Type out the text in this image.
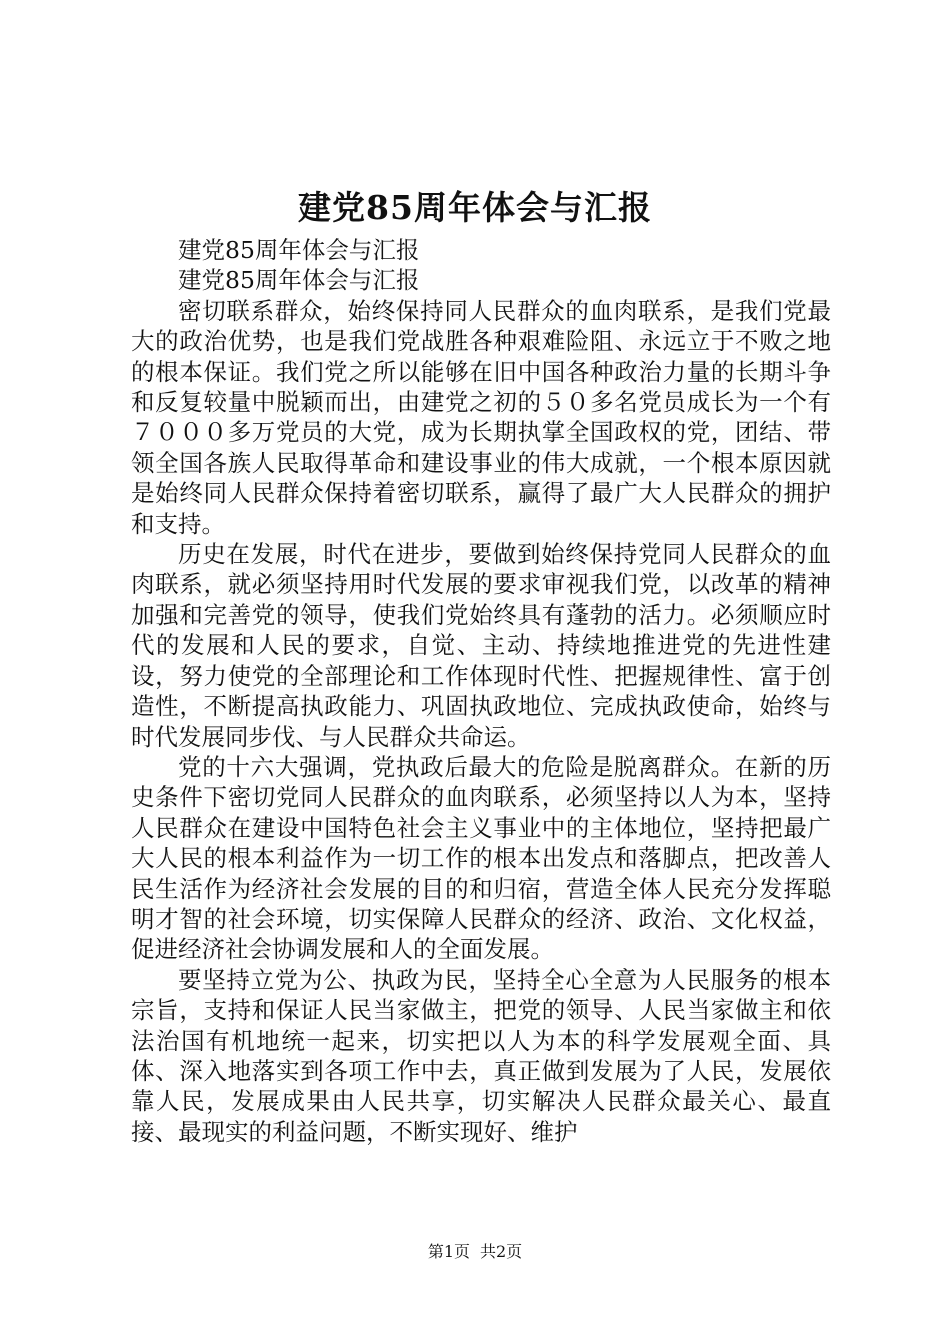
建党85周年体会与汇报

建党85周年体会与汇报

建党85周年体会与汇报

密切联系群众，始终保持同人民群众的血肉联系，是我们党最大的政治优势，也是我们党战胜各种艰难险阻、永远立于不败之地的根本保证。我们党之所以能够在旧中国各种政治力量的长期斗争和反复较量中脱颖而出，由建党之初的５０多名党员成长为一个有７０００多万党员的大党，成为长期执掌全国政权的党，团结、带领全国各族人民取得革命和建设事业的伟大成就，一个根本原因就是始终同人民群众保持着密切联系，赢得了最广大人民群众的拥护和支持。

历史在发展，时代在进步，要做到始终保持党同人民群众的血肉联系，就必须坚持用时代发展的要求审视我们党，以改革的精神加强和完善党的领导，使我们党始终具有蓬勃的活力。必须顺应时代的发展和人民的要求，自觉、主动、持续地推进党的先进性建设，努力使党的全部理论和工作体现时代性、把握规律性、富于创造性，不断提高执政能力、巩固执政地位、完成执政使命，始终与时代发展同步伐、与人民群众共命运。

党的十六大强调，党执政后最大的危险是脱离群众。在新的历史条件下密切党同人民群众的血肉联系，必须坚持以人为本，坚持人民群众在建设中国特色社会主义事业中的主体地位，坚持把最广大人民的根本利益作为一切工作的根本出发点和落脚点，把改善人民生活作为经济社会发展的目的和归宿，营造全体人民充分发挥聪明才智的社会环境，切实保障人民群众的经济、政治、文化权益，促进经济社会协调发展和人的全面发展。

要坚持立党为公、执政为民，坚持全心全意为人民服务的根本宗旨，支持和保证人民当家做主，把党的领导、人民当家做主和依法治国有机地统一起来，切实把以人为本的科学发展观全面、具体、深入地落实到各项工作中去，真正做到发展为了人民，发展依靠人民，发展成果由人民共享，切实解决人民群众最关心、最直接、最现实的利益问题，不断实现好、维护

第1页 共2页
